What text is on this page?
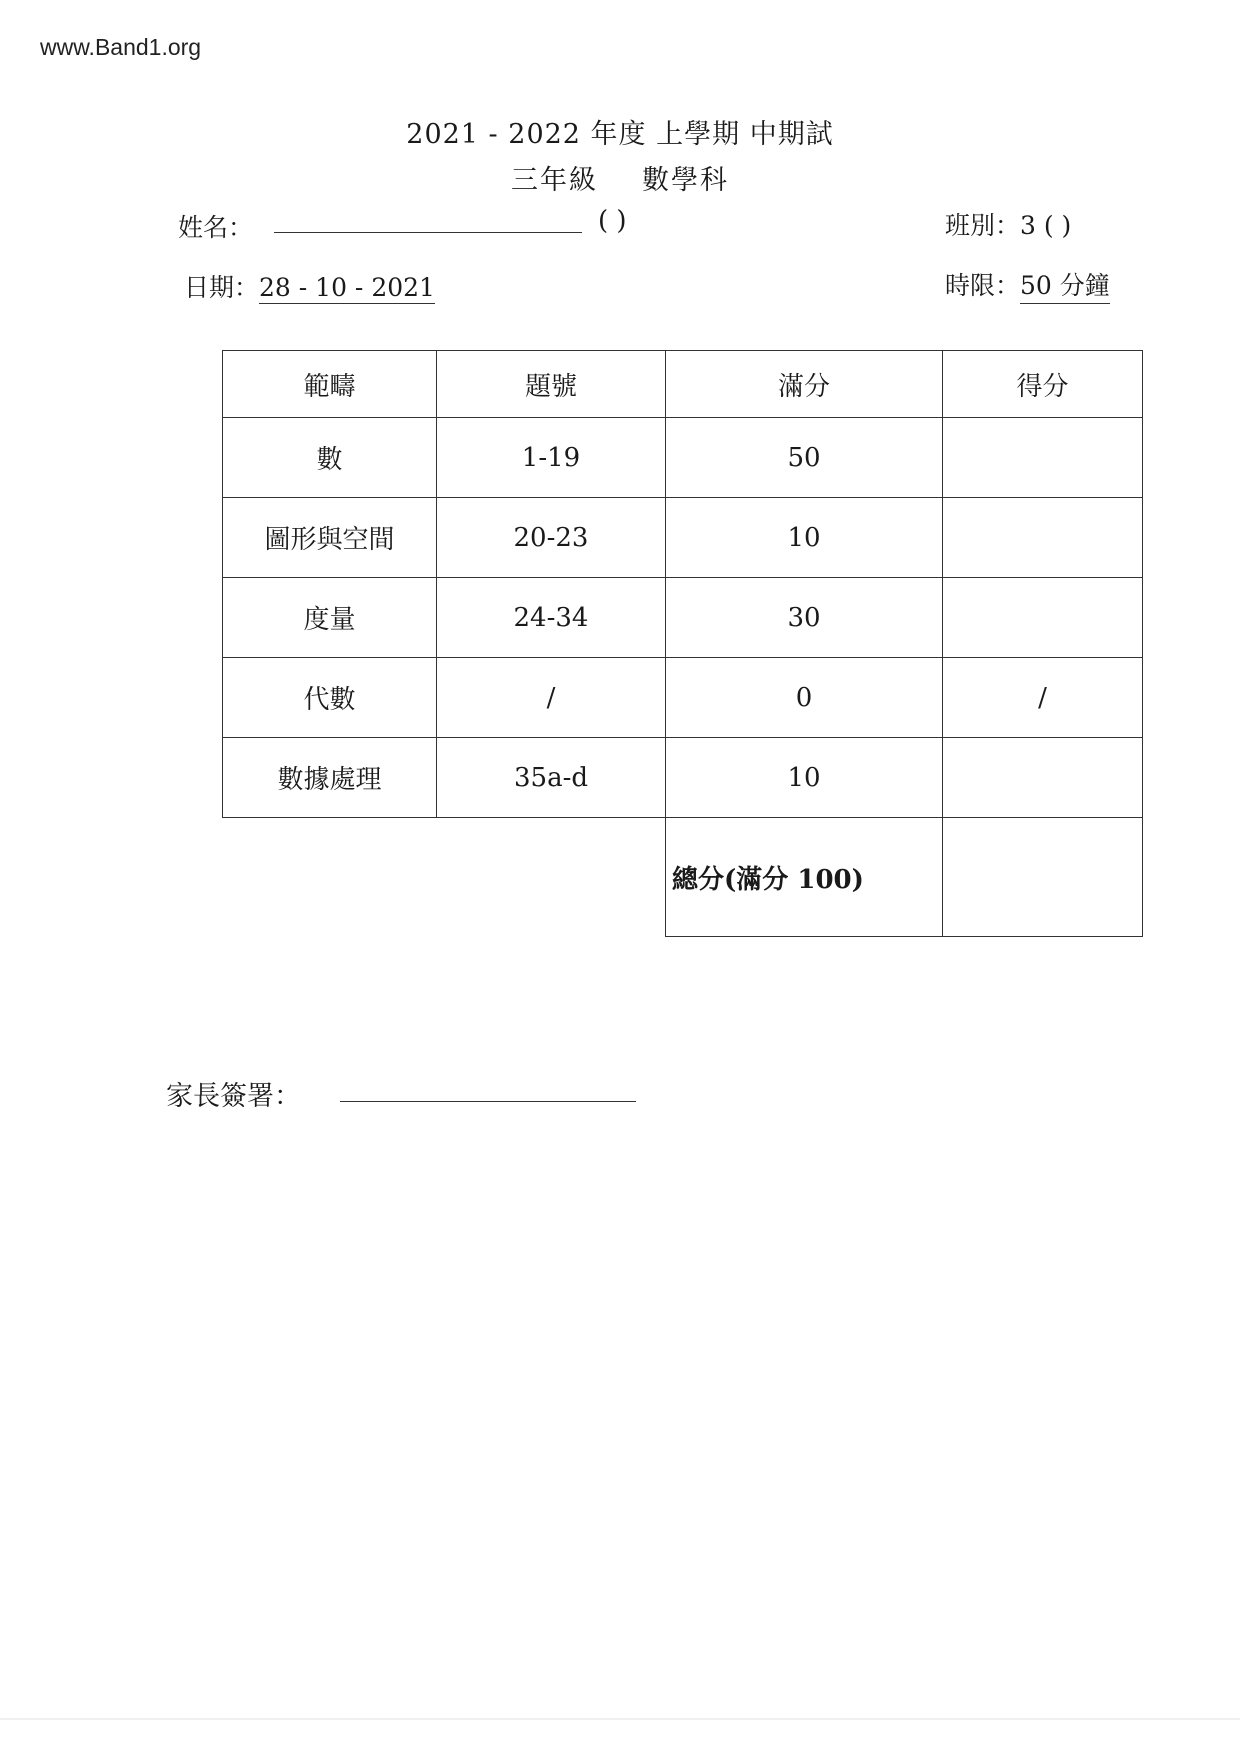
www.Band1.org
2021 - 2022 年度 上學期 中期試
三年級 數學科
姓名：	( )	班別：3 ( )
日期：28 - 10 - 2021	時限：50 分鐘
範疇	題號	滿分	得分
數	1-19	50	
圖形與空間	20-23	10	
度量	24-34	30	
代數	/	0	/
數據處理	35a-d	10	
		總分(滿分 100)	
家長簽署：
